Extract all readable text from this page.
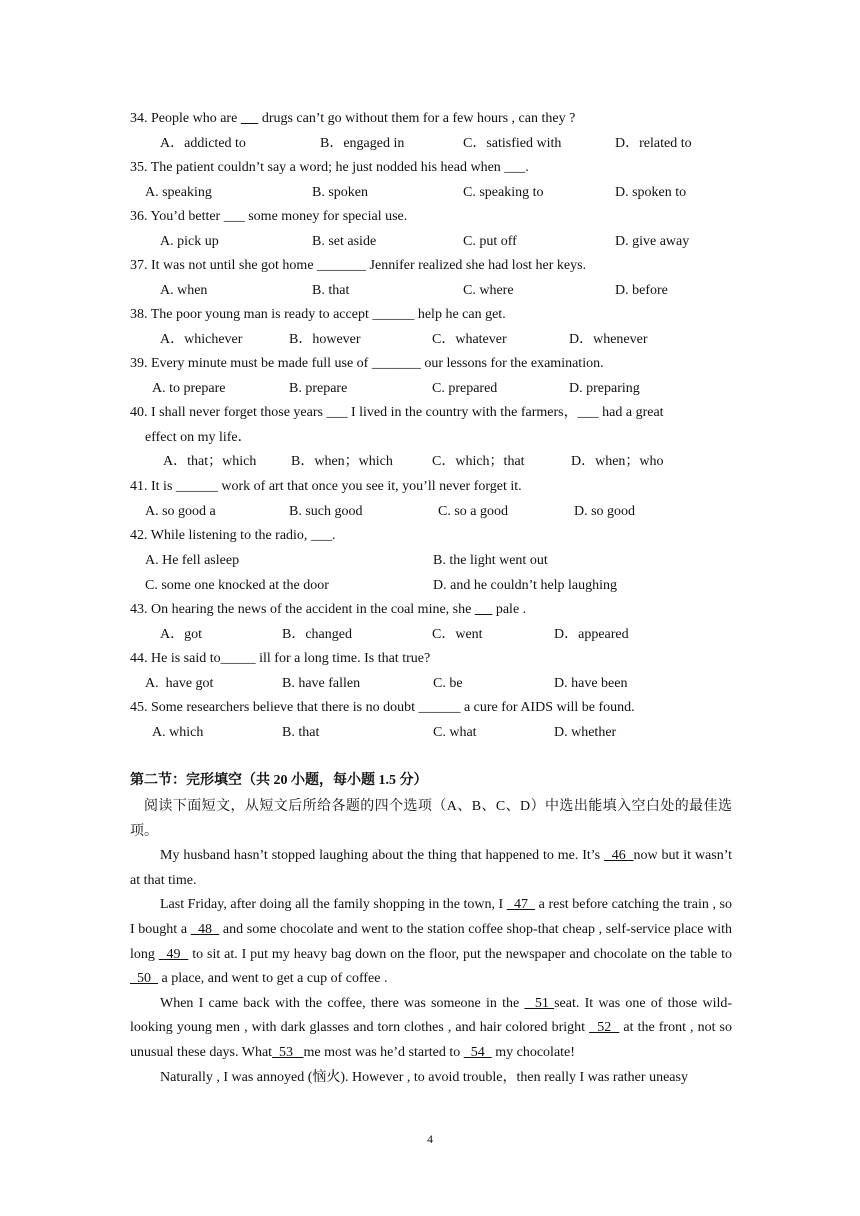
34. People who are       drugs can’t go without them for a few hours , can they ?
A．addicted to	B．engaged in	C．satisfied with	D．related to
35. The patient couldn’t say a word; he just nodded his head when ___.
A. speaking	B. spoken	C. speaking to	D. spoken to
36. You’d better ___ some money for special use.
A. pick up	B. set aside	C. put off	D. give away
37. It was not until she got home _______ Jennifer realized she had lost her keys.
A. when	B. that	C. where	D. before
38. The poor young man is ready to accept ______ help he can get.
A．whichever	B．however	C．whatever	D．whenever
39. Every minute must be made full use of _______ our lessons for the examination.
A. to prepare	B. prepare	C. prepared	D. preparing
40. I shall never forget those years ___ I lived in the country with the farmers，___ had a great
effect on my life．
A．that；which B．when；which	C．which；that	D．when；who
41. It is ______ work of art that once you see it, you’ll never forget it.
A. so good a	B. such good	C. so a good	D. so good
42. While listening to the radio, ___.
A. He fell asleep	B. the light went out
C. some one knocked at the door	D. and he couldn’t help laughing
43. On hearing the news of the accident in the coal mine, she       pale .
A．got	B．changed	C．went	D．appeared
44. He is said to_____ ill for a long time. Is that true?
A.  have got	B. have fallen	C. be	D. have been
45. Some researchers believe that there is no doubt ______ a cure for AIDS will be found.
A. which	B. that	C. what	D. whether
第二节：完形填空（共 20 小题，每小题 1.5 分）

阅读下面短文，从短文后所给各题的四个选项（A、B、C、D）中选出能填入空白处的最佳选项。

My husband hasn’t stopped laughing about the thing that happened to me. It’s   46  now but it wasn’t at that time.

Last Friday, after doing all the family shopping in the town, I   47   a rest before catching the train , so I bought a   48   and some chocolate and went to the station coffee shop-that cheap , self-service place with long   49   to sit at. I put my heavy bag down on the floor, put the newspaper and chocolate on the table to   50   a place, and went to get a cup of coffee .

When I came back with the coffee, there was someone in the   51 seat. It was one of those wild-looking young men , with dark glasses and torn clothes , and hair colored bright   52   at the front , not so unusual these days. What  53   me most was he’d started to   54   my chocolate!

Naturally , I was annoyed (恼火). However , to avoid trouble，then really I was rather uneasy

4
